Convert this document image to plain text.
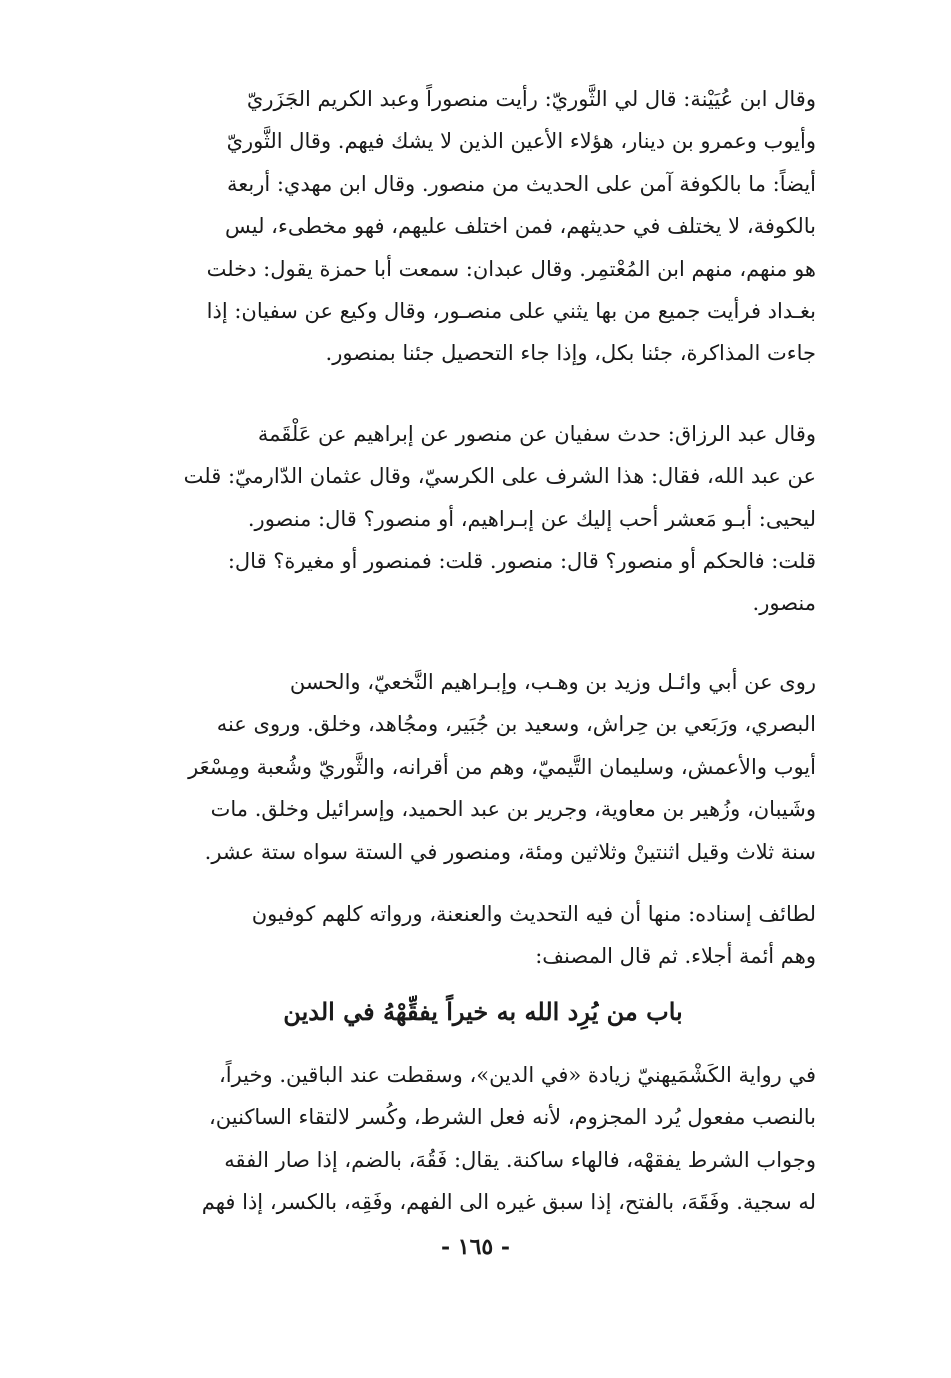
وقال ابن عُيَيْنة: قال لي الثَّوريّ: رأيت منصوراً وعبد الكريم الجَزَريّ

وأيوب وعمرو بن دينار، هؤلاء الأعين الذين لا يشك فيهم. وقال الثَّوريّ

أيضاً: ما بالكوفة آمن على الحديث من منصور. وقال ابن مهدي: أربعة

بالكوفة، لا يختلف في حديثهم، فمن اختلف عليهم، فهو مخطىء، ليس

هو منهم، منهم ابن المُعْتمِر. وقال عبدان: سمعت أبا حمزة يقول: دخلت

بغـداد فرأيت جميع من بها يثني على منصـور، وقال وكيع عن سفيان: إذا

جاءت المذاكرة، جئنا بكل، وإذا جاء التحصيل جئنا بمنصور.

وقال عبد الرزاق: حدث سفيان عن منصور عن إبراهيم عن عَلْقَمة

عن عبد الله، فقال: هذا الشرف على الكرسيّ، وقال عثمان الدّارميّ: قلت

ليحيى: أبـو مَعشر أحب إليك عن إبـراهيم، أو منصور؟ قال: منصور.

قلت: فالحكم أو منصور؟ قال: منصور. قلت: فمنصور أو مغيرة؟ قال:

منصور.

روى عن أبي وائـل وزيد بن وهـب، وإبـراهيم النَّخعيّ، والحسن

البصري، ورَبَعي بن حِراش، وسعيد بن جُبَير، ومجُاهد، وخلق. وروى عنه

أيوب والأعمش، وسليمان التَّيميّ، وهم من أقرانه، والثَّوريّ وشُعبة ومِسْعَر

وشَيبان، وزُهير بن معاوية، وجرير بن عبد الحميد، وإسرائيل وخلق. مات

سنة ثلاث وقيل اثنتينْ وثلاثين ومئة، ومنصور في الستة سواه ستة عشر.

لطائف إسناده: منها أن فيه التحديث والعنعنة، ورواته كلهم كوفيون

وهم أئمة أجلاء. ثم قال المصنف:

باب من يُرِد الله به خيراً يفقِّهْهُ في الدين

في رواية الكَشْمَيهنيّ زيادة «في الدين»، وسقطت عند الباقين. وخيراً،

بالنصب مفعول يُرد المجزوم، لأنه فعل الشرط، وكُسر لالتقاء الساكنين،

وجواب الشرط يفقهْه، فالهاء ساكنة. يقال: فَقُهَ، بالضم، إذا صار الفقه

له سجية. وفَقَهَ، بالفتح، إذا سبق غيره الى الفهم، وفَقِه، بالكسر، إذا فهم

- ١٦٥ -
